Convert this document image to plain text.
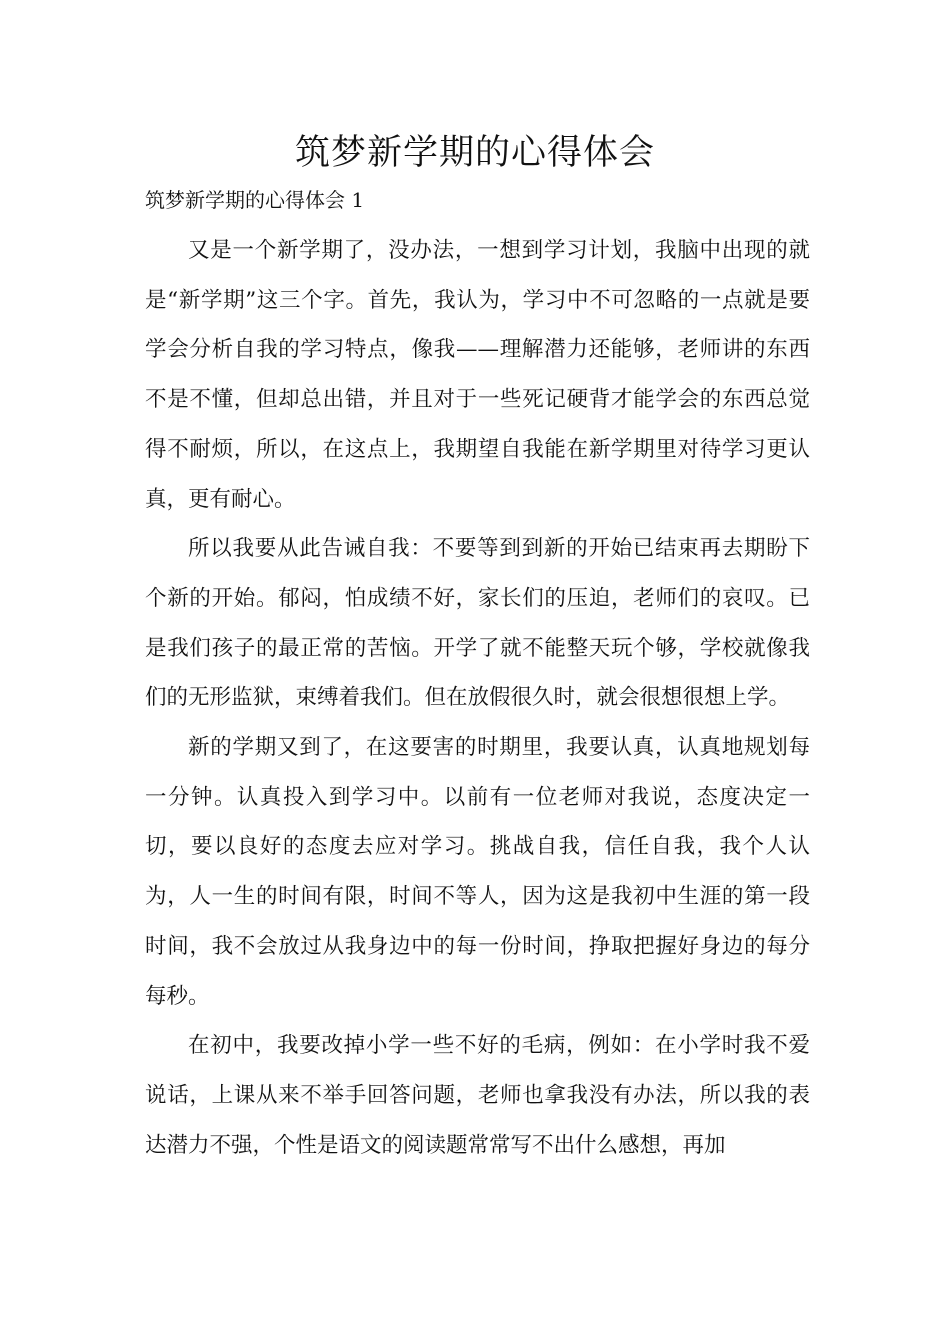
筑梦新学期的心得体会
筑梦新学期的心得体会 1

又是一个新学期了，没办法，一想到学习计划，我脑中出现的就是“新学期”这三个字。首先，我认为，学习中不可忽略的一点就是要学会分析自我的学习特点，像我——理解潜力还能够，老师讲的东西不是不懂，但却总出错，并且对于一些死记硬背才能学会的东西总觉得不耐烦，所以，在这点上，我期望自我能在新学期里对待学习更认真，更有耐心。

所以我要从此告诫自我：不要等到到新的开始已结束再去期盼下个新的开始。郁闷，怕成绩不好，家长们的压迫，老师们的哀叹。已是我们孩子的最正常的苦恼。开学了就不能整天玩个够，学校就像我们的无形监狱，束缚着我们。但在放假很久时，就会很想很想上学。

新的学期又到了，在这要害的时期里，我要认真，认真地规划每一分钟。认真投入到学习中。以前有一位老师对我说，态度决定一切，要以良好的态度去应对学习。挑战自我，信任自我，我个人认为，人一生的时间有限，时间不等人，因为这是我初中生涯的第一段时间，我不会放过从我身边中的每一份时间，挣取把握好身边的每分每秒。

在初中，我要改掉小学一些不好的毛病，例如：在小学时我不爱说话，上课从来不举手回答问题，老师也拿我没有办法，所以我的表达潜力不强，个性是语文的阅读题常常写不出什么感想，再加
